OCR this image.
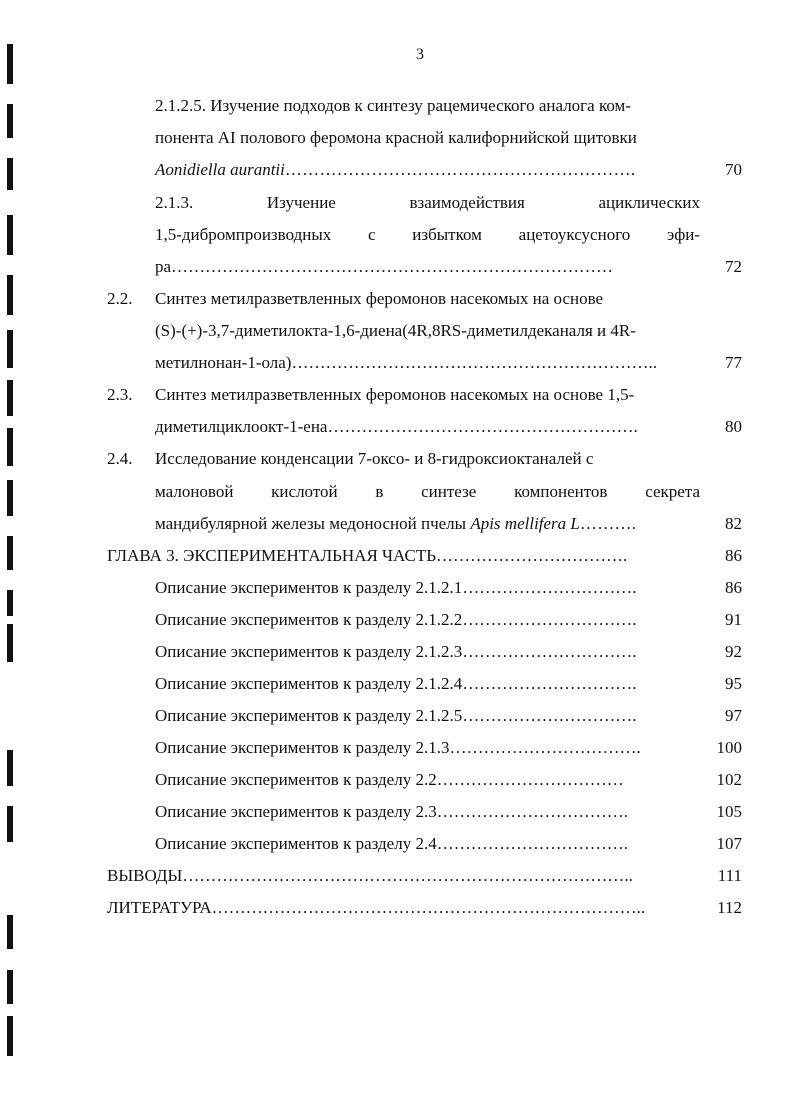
3
2.1.2.5. Изучение подходов к синтезу рацемического аналога ком-
понента AI полового феромона красной калифорнийской щитовки
Aonidiella aurantii…………………………………………………….	70
2.1.3.	Изучение	взаимодействия	ациклических
1,5-дибромпроизводных с избытком ацетоуксусного эфи-
ра……………………………………………………………………	72
2.2. Синтез метилразветвленных феромонов насекомых на основе
(S)-(+)-3,7-диметилокта-1,6-диена(4R,8RS-диметилдеканаля и 4R-
метилнонан-1-ола)………………………………………………………..	77
2.3. Синтез метилразветвленных феромонов насекомых на основе 1,5-
диметилциклоокт-1-ена……………………………………………….	80
2.4. Исследование конденсации 7-оксо- и 8-гидроксиоктаналей с
малоновой кислотой в синтезе компонентов секрета
мандибулярной железы медоносной пчелы Apis mellifera L……….	82
ГЛАВА 3. ЭКСПЕРИМЕНТАЛЬНАЯ ЧАСТЬ…………………………….	86
Описание экспериментов к разделу 2.1.2.1………………………….	86
Описание экспериментов к разделу 2.1.2.2………………………….	91
Описание экспериментов к разделу 2.1.2.3………………………….	92
Описание экспериментов к разделу 2.1.2.4………………………….	95
Описание экспериментов к разделу 2.1.2.5………………………….	97
Описание экспериментов к разделу 2.1.3…………………………….	100
Описание экспериментов к разделу 2.2……………………………	102
Описание экспериментов к разделу 2.3…………………………….	105
Описание экспериментов к разделу 2.4…………………………….	107
ВЫВОДЫ……………………………………………………………………..	111
ЛИТЕРАТУРА…………………………………………………………………..	112
